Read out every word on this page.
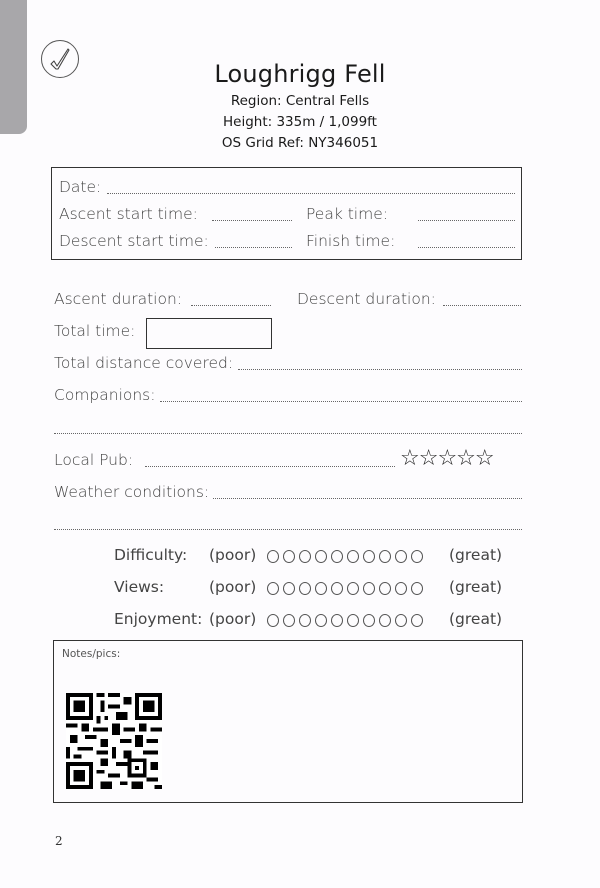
Loughrigg Fell
Region: Central Fells
Height: 335m / 1,099ft
OS Grid Ref: NY346051
Date:
Ascent start time:	Peak time:
Descent start time:	Finish time:
Ascent duration:	Descent duration:
Total time:
Total distance covered:
Companions:
Local Pub:	☆☆☆☆☆
Weather conditions:
Difficulty: (poor)	(great)
Views:	(poor)	(great)
Enjoyment: (poor)	(great)
Notes/pics:
2
